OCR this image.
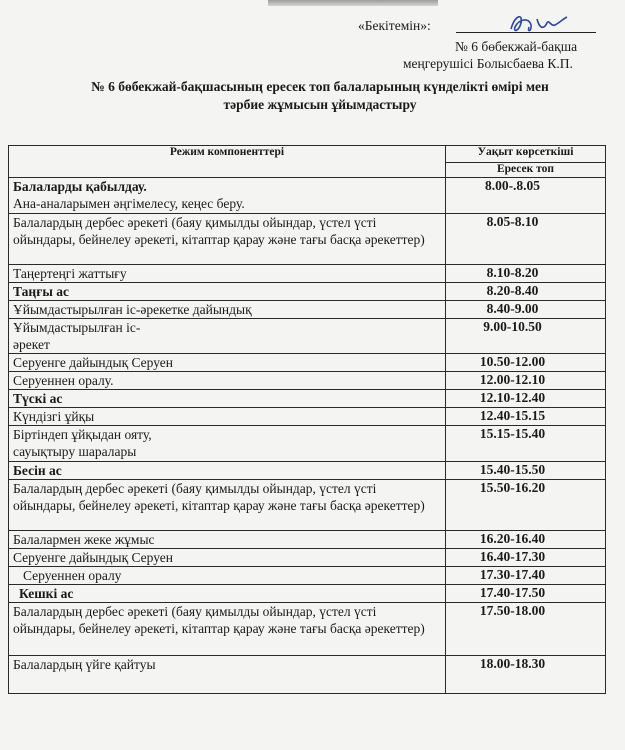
«Бекітемін»:
№ 6 бөбекжай-бақша
меңгерушісі Болысбаева К.П.
№ 6 бөбекжай-бақшасының ересек топ балаларының күнделікті өмірі мен
тәрбие жұмысын ұйымдастыру
Режим компоненттері	Уақыт көрсеткіші
	Ересек топ
Балаларды қабылдау.
Ана-аналарымен әңгімелесу, кеңес беру.	8.00-.8.05
Балалардың дербес әрекеті (баяу қимылды ойындар, үстел үсті ойындары, бейнелеу әрекеті, кітаптар қарау және тағы басқа әрекеттер)	8.05-8.10
Таңертеңгі жаттығу	8.10-8.20
Таңғы ас	8.20-8.40
Ұйымдастырылған іс-әрекетке дайындық	8.40-9.00
Ұйымдастырылған іс-
әрекет	9.00-10.50
Серуенге дайындық Серуен	10.50-12.00
Серуеннен оралу.	12.00-12.10
Түскі ас	12.10-12.40
Күндізгі ұйқы	12.40-15.15
Біртіндеп ұйқыдан ояту,
сауықтыру шаралары	15.15-15.40
Бесін ас	15.40-15.50
Балалардың дербес әрекеті (баяу қимылды ойындар, үстел үсті ойындары, бейнелеу әрекеті, кітаптар қарау және тағы басқа әрекеттер)	15.50-16.20
Балалармен жеке жұмыс	16.20-16.40
Серуенге дайындық Серуен	16.40-17.30
Серуеннен оралу	17.30-17.40
Кешкі ас	17.40-17.50
Балалардың дербес әрекеті (баяу қимылды ойындар, үстел үсті ойындары, бейнелеу әрекеті, кітаптар қарау және тағы басқа әрекеттер)	17.50-18.00
Балалардың үйге қайтуы	18.00-18.30
